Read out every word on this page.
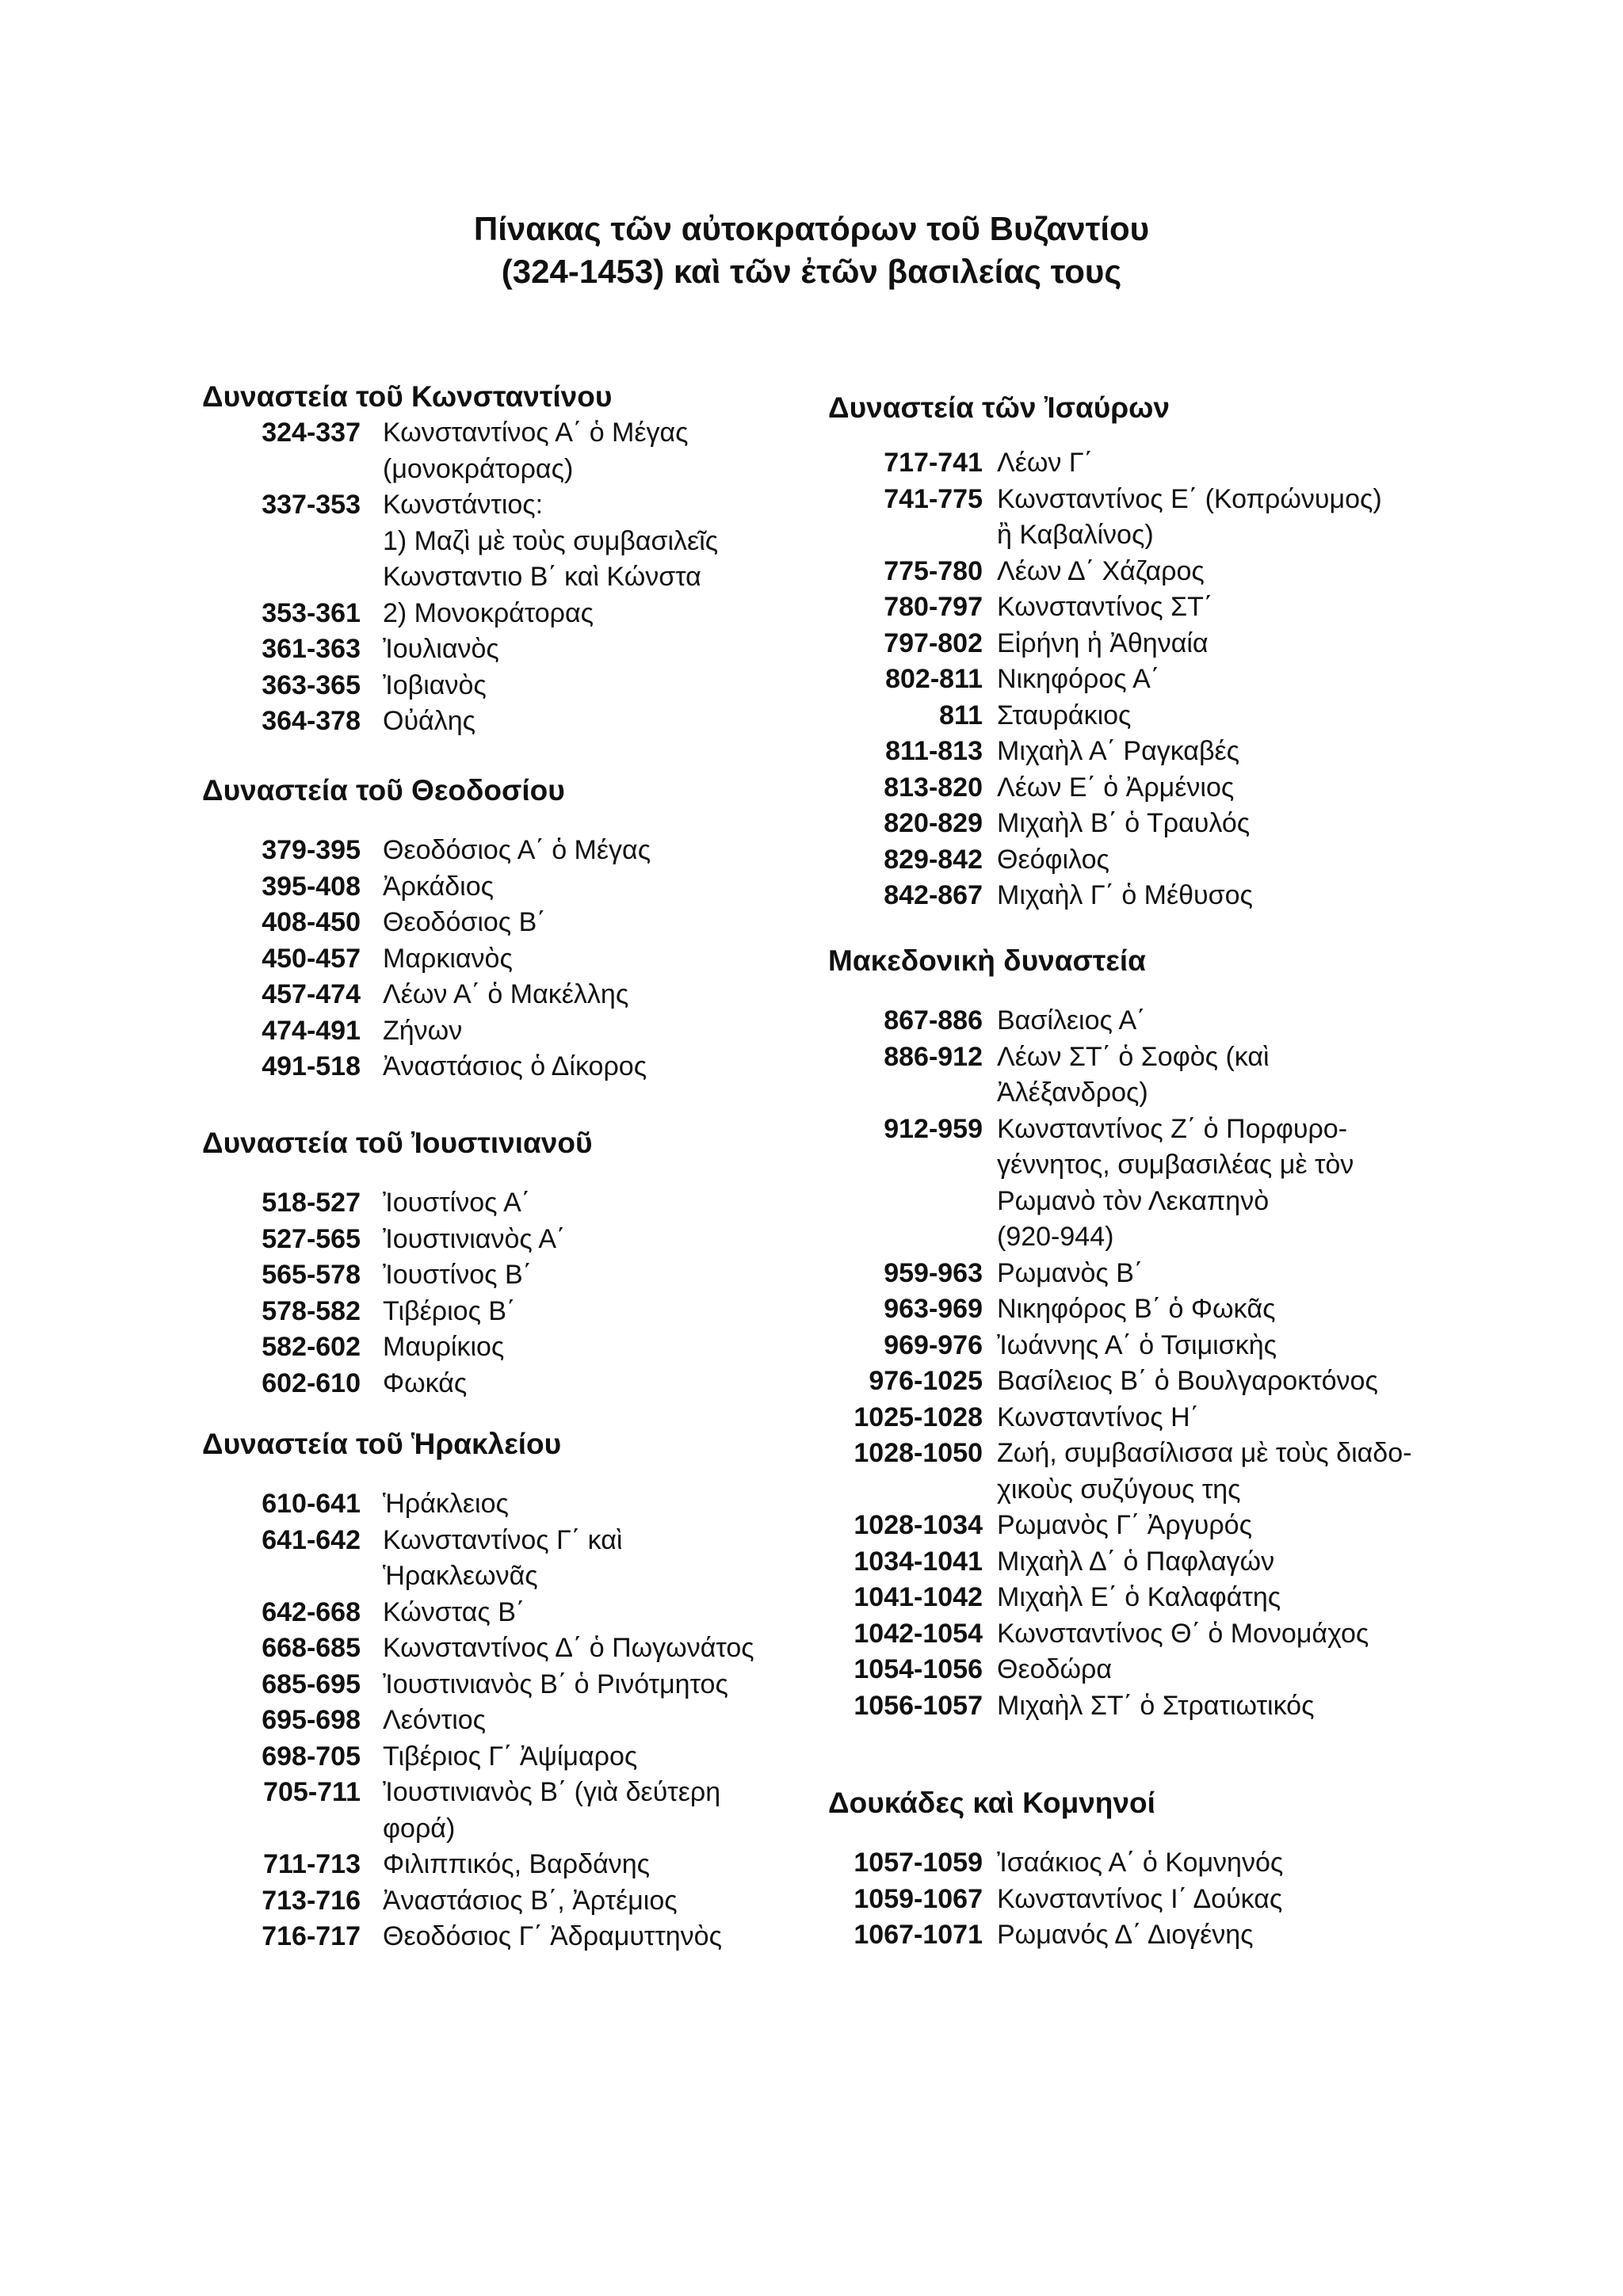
Πίνακας τῶν αὐτοκρατόρων τοῦ Βυζαντίου
(324-1453) καὶ τῶν ἐτῶν βασιλείας τους
Δυναστεία τοῦ Κωνσταντίνου
324-337 Κωνσταντίνος Α΄ ὁ Μέγας
(μονοκράτορας)
337-353 Κωνστάντιος:
1) Μαζὶ μὲ τοὺς συμβασιλεῖς
Κωνσταντιο Β΄ καὶ Κώνστα
353-361 2) Μονοκράτορας
361-363 Ἰουλιανὸς
363-365 Ἰοβιανὸς
364-378 Οὐάλης
Δυναστεία τοῦ Θεοδοσίου
379-395 Θεοδόσιος Α΄ ὁ Μέγας
395-408 Ἀρκάδιος
408-450 Θεοδόσιος Β΄
450-457 Μαρκιανὸς
457-474 Λέων Α΄ ὁ Μακέλλης
474-491 Ζήνων
491-518 Ἀναστάσιος ὁ Δίκορος
Δυναστεία τοῦ Ἰουστινιανοῦ
518-527 Ἰουστίνος Α΄
527-565 Ἰουστινιανὸς Α΄
565-578 Ἰουστίνος Β΄
578-582 Τιβέριος Β΄
582-602 Μαυρίκιος
602-610 Φωκάς
Δυναστεία τοῦ Ἡρακλείου
610-641 Ἡράκλειος
641-642 Κωνσταντίνος Γ΄ καὶ
Ἡρακλεωνᾶς
642-668 Κώνστας Β΄
668-685 Κωνσταντίνος Δ΄ ὁ Πωγωνάτος
685-695 Ἰουστινιανὸς Β΄ ὁ Ρινότμητος
695-698 Λεόντιος
698-705 Τιβέριος Γ΄ Ἀψίμαρος
705-711 Ἰουστινιανὸς Β΄ (γιὰ δεύτερη
φορά)
711-713 Φιλιππικός, Βαρδάνης
713-716 Ἀναστάσιος Β΄, Ἀρτέμιος
716-717 Θεοδόσιος Γ΄ Ἀδραμυττηνὸς
Δυναστεία τῶν Ἰσαύρων
717-741 Λέων Γ΄
741-775 Κωνσταντίνος Ε΄ (Κοπρώνυμος)
ἢ Καβαλίνος)
775-780 Λέων Δ΄ Χάζαρος
780-797 Κωνσταντίνος ΣΤ΄
797-802 Εἰρήνη ἡ Ἀθηναία
802-811 Νικηφόρος Α΄
811 Σταυράκιος
811-813 Μιχαὴλ Α΄ Ραγκαβές
813-820 Λέων Ε΄ ὁ Ἀρμένιος
820-829 Μιχαὴλ Β΄ ὁ Τραυλός
829-842 Θεόφιλος
842-867 Μιχαὴλ Γ΄ ὁ Μέθυσος
Μακεδονικὴ δυναστεία
867-886 Βασίλειος Α΄
886-912 Λέων ΣΤ΄ ὁ Σοφὸς (καὶ
Ἀλέξανδρος)
912-959 Κωνσταντίνος Ζ΄ ὁ Πορφυρο-
γέννητος, συμβασιλέας μὲ τὸν
Ρωμανὸ τὸν Λεκαπηνὸ
(920-944)
959-963 Ρωμανὸς Β΄
963-969 Νικηφόρος Β΄ ὁ Φωκᾶς
969-976 Ἰωάννης Α΄ ὁ Τσιμισκὴς
976-1025 Βασίλειος Β΄ ὁ Βουλγαροκτόνος
1025-1028 Κωνσταντίνος Η΄
1028-1050 Ζωή, συμβασίλισσα μὲ τοὺς διαδο-
χικοὺς συζύγους της
1028-1034 Ρωμανὸς Γ΄ Ἀργυρός
1034-1041 Μιχαὴλ Δ΄ ὁ Παφλαγών
1041-1042 Μιχαὴλ Ε΄ ὁ Καλαφάτης
1042-1054 Κωνσταντίνος Θ΄ ὁ Μονομάχος
1054-1056 Θεοδώρα
1056-1057 Μιχαὴλ ΣΤ΄ ὁ Στρατιωτικός
Δουκάδες καὶ Κομνηνοί
1057-1059 Ἰσαάκιος Α΄ ὁ Κομνηνός
1059-1067 Κωνσταντίνος Ι΄ Δούκας
1067-1071 Ρωμανός Δ΄ Διογένης
